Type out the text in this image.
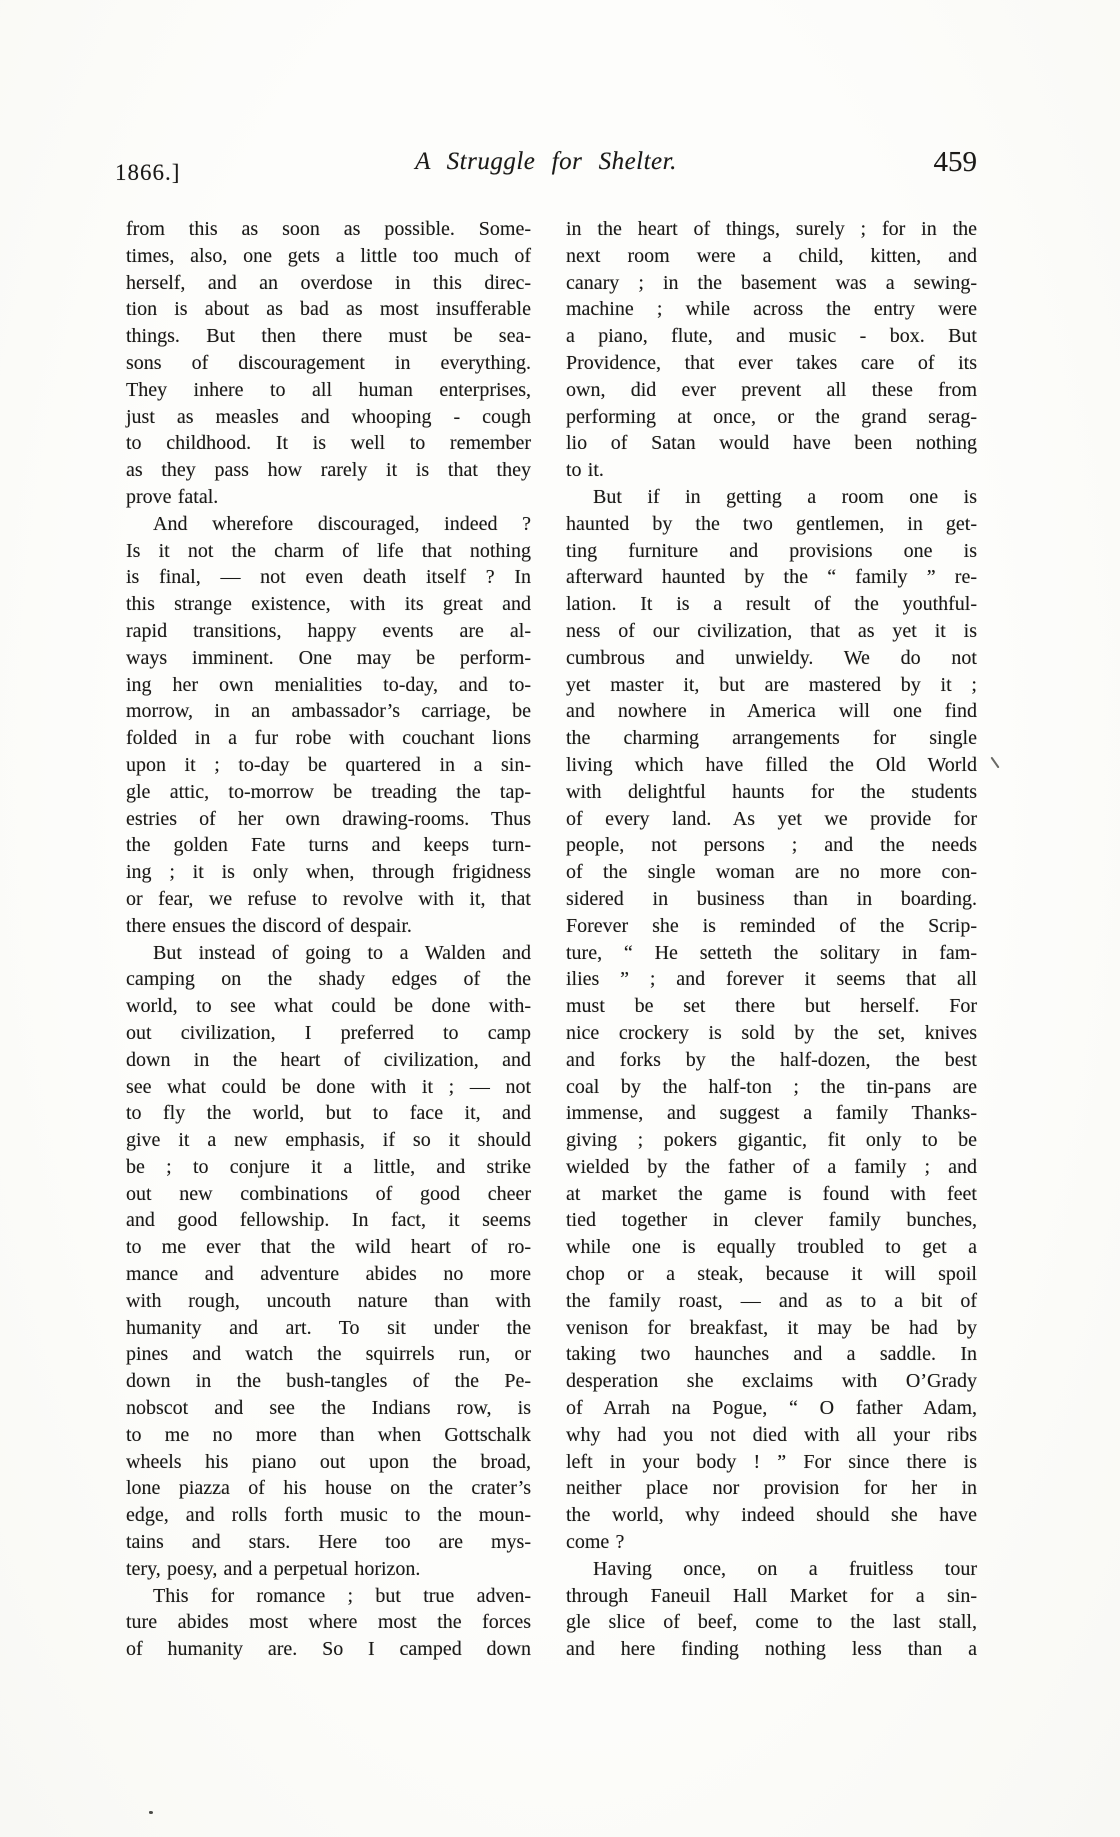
1866.]	A Struggle for Shelter.	459
from this as soon as possible. Some-
times, also, one gets a little too much of
herself, and an overdose in this direc-
tion is about as bad as most insufferable
things. But then there must be sea-
sons of discouragement in everything.
They inhere to all human enterprises,
just as measles and whooping - cough
to childhood. It is well to remember
as they pass how rarely it is that they
prove fatal.
And wherefore discouraged, indeed ?
Is it not the charm of life that nothing
is final, — not even death itself ? In
this strange existence, with its great and
rapid transitions, happy events are al-
ways imminent. One may be perform-
ing her own menialities to-day, and to-
morrow, in an ambassador’s carriage, be
folded in a fur robe with couchant lions
upon it ; to-day be quartered in a sin-
gle attic, to-morrow be treading the tap-
estries of her own drawing-rooms. Thus
the golden Fate turns and keeps turn-
ing ; it is only when, through frigidness
or fear, we refuse to revolve with it, that
there ensues the discord of despair.
But instead of going to a Walden and
camping on the shady edges of the
world, to see what could be done with-
out civilization, I preferred to camp
down in the heart of civilization, and
see what could be done with it ; — not
to fly the world, but to face it, and
give it a new emphasis, if so it should
be ; to conjure it a little, and strike
out new combinations of good cheer
and good fellowship. In fact, it seems
to me ever that the wild heart of ro-
mance and adventure abides no more
with rough, uncouth nature than with
humanity and art. To sit under the
pines and watch the squirrels run, or
down in the bush-tangles of the Pe-
nobscot and see the Indians row, is
to me no more than when Gottschalk
wheels his piano out upon the broad,
lone piazza of his house on the crater’s
edge, and rolls forth music to the moun-
tains and stars. Here too are mys-
tery, poesy, and a perpetual horizon.
This for romance ; but true adven-
ture abides most where most the forces
of humanity are. So I camped down
in the heart of things, surely ; for in the
next room were a child, kitten, and
canary ; in the basement was a sewing-
machine ; while across the entry were
a piano, flute, and music - box. But
Providence, that ever takes care of its
own, did ever prevent all these from
performing at once, or the grand serag-
lio of Satan would have been nothing
to it.
But if in getting a room one is
haunted by the two gentlemen, in get-
ting furniture and provisions one is
afterward haunted by the “ family ” re-
lation. It is a result of the youthful-
ness of our civilization, that as yet it is
cumbrous and unwieldy. We do not
yet master it, but are mastered by it ;
and nowhere in America will one find
the charming arrangements for single
living which have filled the Old World
with delightful haunts for the students
of every land. As yet we provide for
people, not persons ; and the needs
of the single woman are no more con-
sidered in business than in boarding.
Forever she is reminded of the Scrip-
ture, “ He setteth the solitary in fam-
ilies ” ; and forever it seems that all
must be set there but herself. For
nice crockery is sold by the set, knives
and forks by the half-dozen, the best
coal by the half-ton ; the tin-pans are
immense, and suggest a family Thanks-
giving ; pokers gigantic, fit only to be
wielded by the father of a family ; and
at market the game is found with feet
tied together in clever family bunches,
while one is equally troubled to get a
chop or a steak, because it will spoil
the family roast, — and as to a bit of
venison for breakfast, it may be had by
taking two haunches and a saddle. In
desperation she exclaims with O’Grady
of Arrah na Pogue, “ O father Adam,
why had you not died with all your ribs
left in your body ! ” For since there is
neither place nor provision for her in
the world, why indeed should she have
come ?
Having once, on a fruitless tour
through Faneuil Hall Market for a sin-
gle slice of beef, come to the last stall,
and here finding nothing less than a
